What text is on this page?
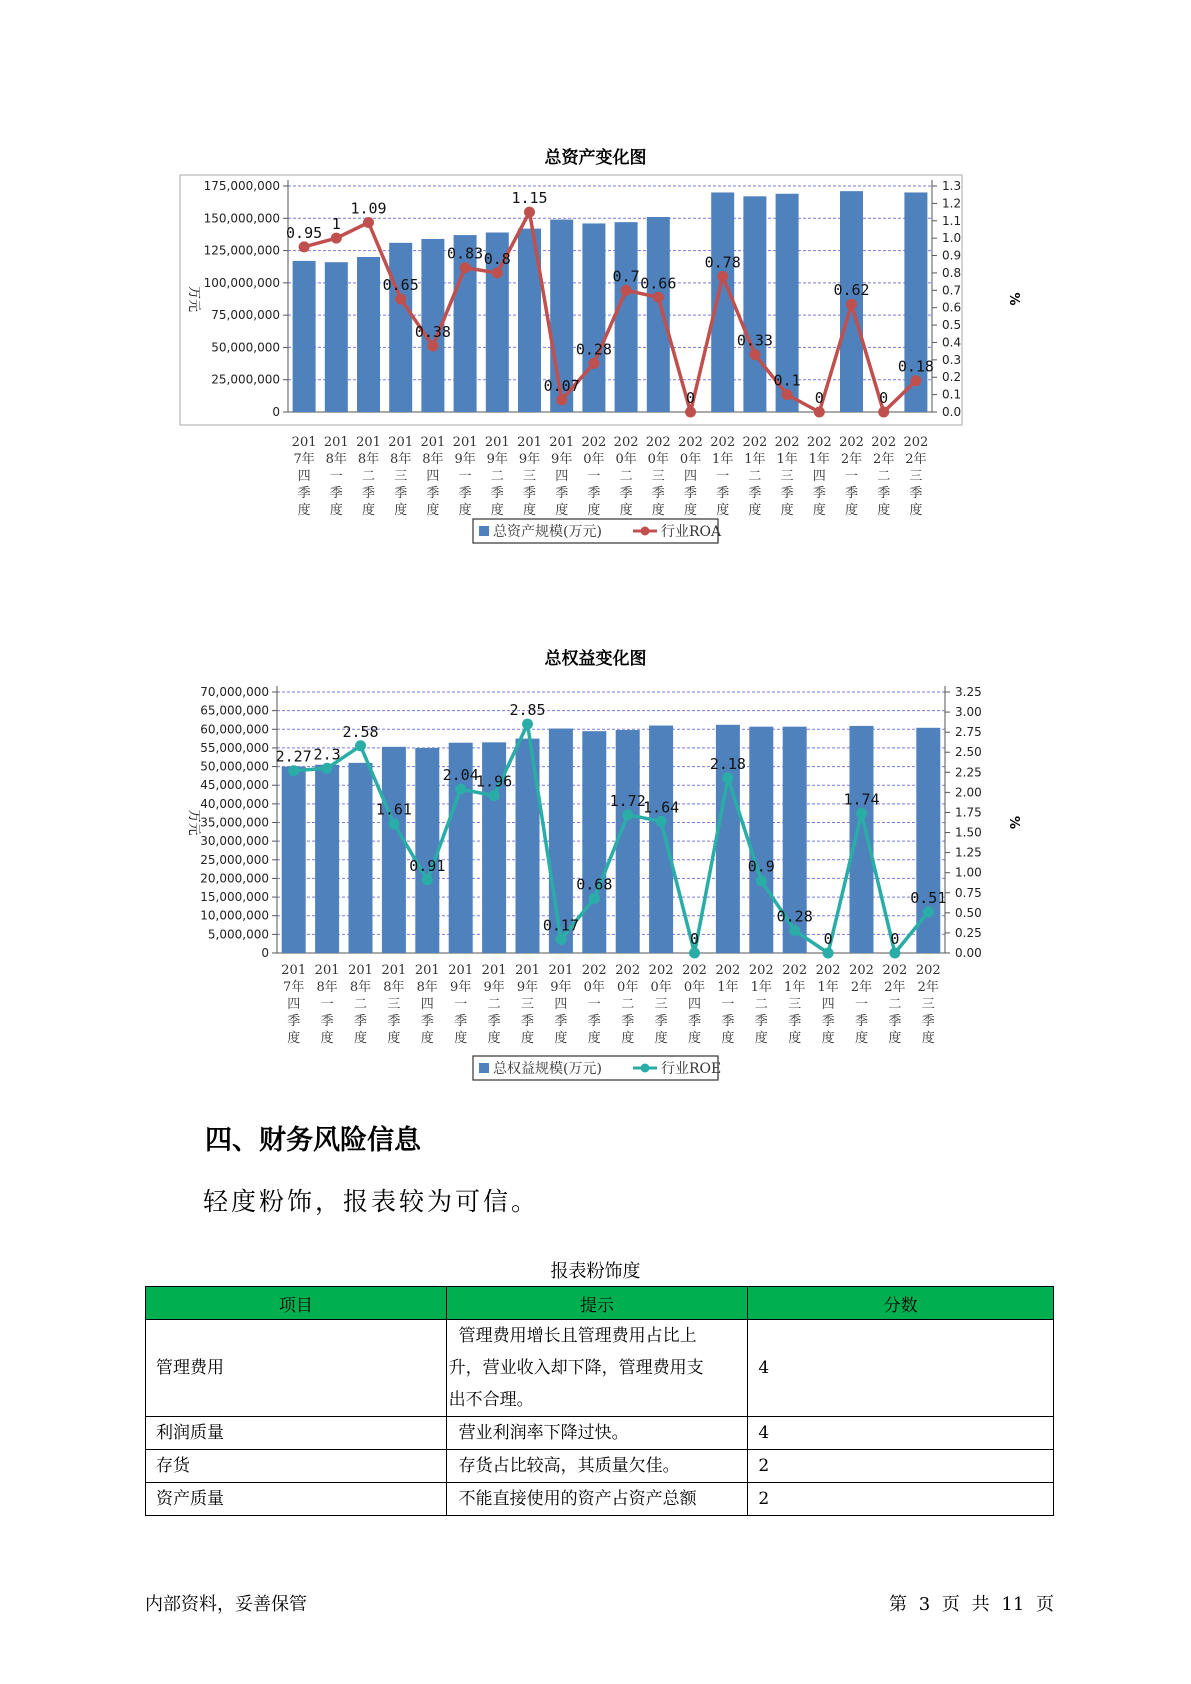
总资产变化图
0
25,000,000
50,000,000
75,000,000
100,000,000
125,000,000
150,000,000
175,000,000
0.0
0.1
0.2
0.3
0.4
0.5
0.6
0.7
0.8
0.9
1.0
1.1
1.2
1.3
万元	%
0.95 1
1.09
0.65
0.38
0.83 0.8
1.15
0.07
0.28
0.7 0.66
0
0.78
0.33
0.1
0
0.62
0
0.18
201
7年
四
季
度
201
8年
一
季
度
201
8年
二
季
度
201
8年
三
季
度
201
8年
四
季
度
201
9年
一
季
度
201
9年
二
季
度
201
9年
三
季
度
201
9年
四
季
度
202
0年
一
季
度
202
0年
二
季
度
202
0年
三
季
度
202
0年
四
季
度
202
1年
一
季
度
202
1年
二
季
度
202
1年
三
季
度
202
1年
四
季
度
202
2年
一
季
度
202
2年
二
季
度
202
2年
三
季
度
总资产规模(万元)	行业ROA
总权益变化图
0
5,000,000
10,000,000
15,000,000
20,000,000
25,000,000
30,000,000
35,000,000
40,000,000
45,000,000
50,000,000
55,000,000
60,000,000
65,000,000
70,000,000
0.00
0.25
0.50
0.75
1.00
1.25
1.50
1.75
2.00
2.25
2.50
2.75
3.00
3.25
万元	%
2.27 2.3
2.58
1.61
0.91
2.04
1.96
2.85
0.17
0.68
1.72
1.64
0
2.18
0.9
0.28
0
1.74
0
0.51
201
7年
四
季
度
201
8年
一
季
度
201
8年
二
季
度
201
8年
三
季
度
201
8年
四
季
度
201
9年
一
季
度
201
9年
二
季
度
201
9年
三
季
度
201
9年
四
季
度
202
0年
一
季
度
202
0年
二
季
度
202
0年
三
季
度
202
0年
四
季
度
202
1年
一
季
度
202
1年
二
季
度
202
1年
三
季
度
202
1年
四
季
度
202
2年
一
季
度
202
2年
二
季
度
202
2年
三
季
度
总权益规模(万元)	行业ROE
四、财务风险信息
轻度粉饰，报表较为可信。
报表粉饰度
项目	提示	分数
管理费用	管理费用增长且管理费用占比上
升，营业收入却下降，管理费用支
出不合理。	4
利润质量	营业利润率下降过快。	4
存货	存货占比较高，其质量欠佳。	2
资产质量	不能直接使用的资产占资产总额	2
内部资料，妥善保管	第 3 页 共 11 页
